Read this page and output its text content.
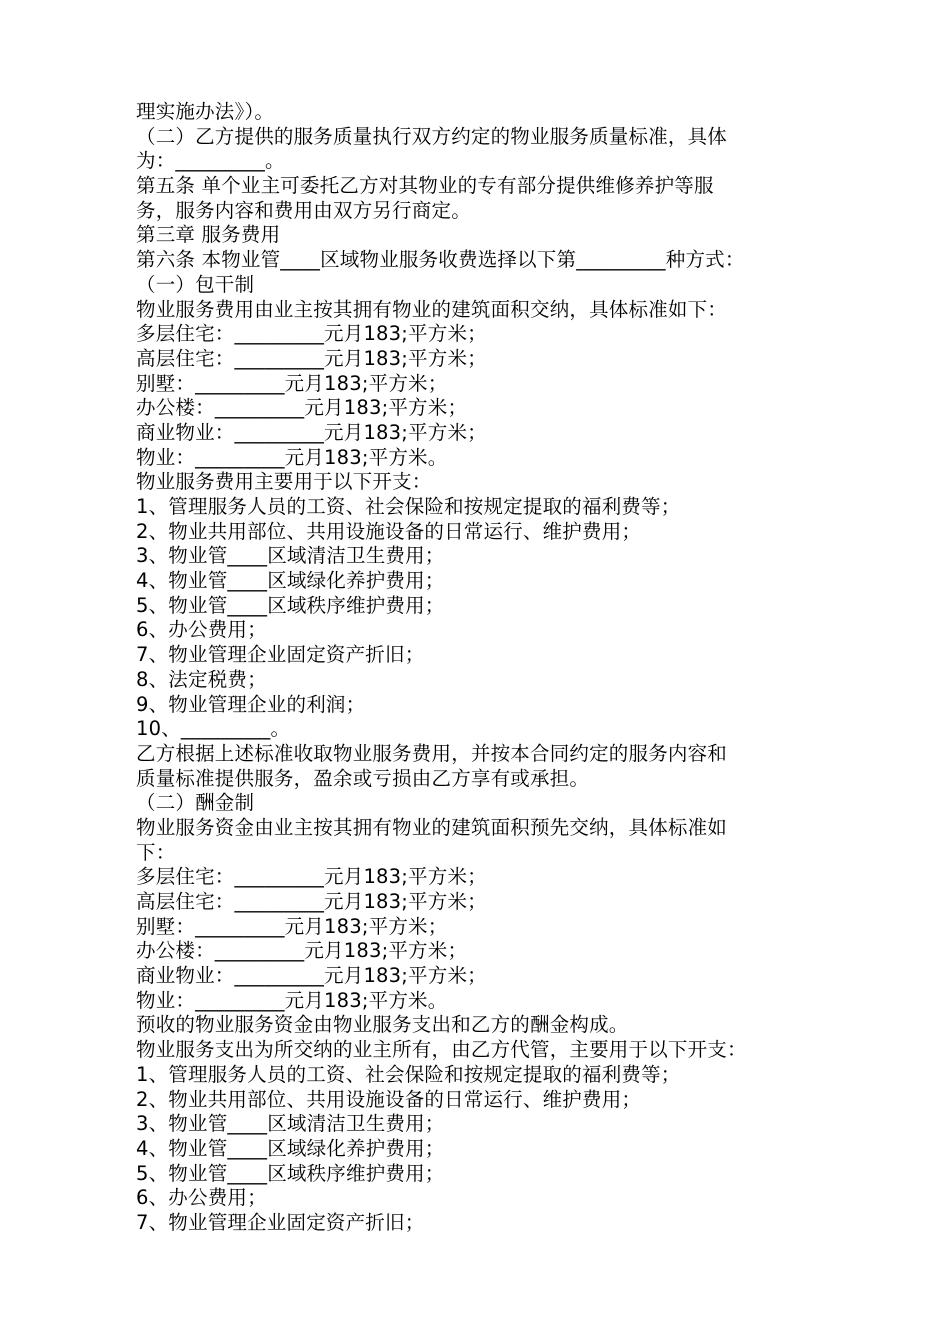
理实施办法》）。
（二）乙方提供的服务质量执行双方约定的物业服务质量标准，具体
为：_________。
第五条 单个业主可委托乙方对其物业的专有部分提供维修养护等服
务，服务内容和费用由双方另行商定。
第三章 服务费用
第六条 本物业管____区域物业服务收费选择以下第_________种方式：
（一）包干制
物业服务费用由业主按其拥有物业的建筑面积交纳，具体标准如下：
多层住宅：_________元月183;平方米；
高层住宅：_________元月183;平方米；
别墅：_________元月183;平方米；
办公楼：_________元月183;平方米；
商业物业：_________元月183;平方米；
物业：_________元月183;平方米。
物业服务费用主要用于以下开支：
1、管理服务人员的工资、社会保险和按规定提取的福利费等；
2、物业共用部位、共用设施设备的日常运行、维护费用；
3、物业管____区域清洁卫生费用；
4、物业管____区域绿化养护费用；
5、物业管____区域秩序维护费用；
6、办公费用；
7、物业管理企业固定资产折旧；
8、法定税费；
9、物业管理企业的利润；
10、_________。
乙方根据上述标准收取物业服务费用，并按本合同约定的服务内容和
质量标准提供服务，盈余或亏损由乙方享有或承担。
（二）酬金制
物业服务资金由业主按其拥有物业的建筑面积预先交纳，具体标准如
下：
多层住宅：_________元月183;平方米；
高层住宅：_________元月183;平方米；
别墅：_________元月183;平方米；
办公楼：_________元月183;平方米；
商业物业：_________元月183;平方米；
物业：_________元月183;平方米。
预收的物业服务资金由物业服务支出和乙方的酬金构成。
物业服务支出为所交纳的业主所有，由乙方代管，主要用于以下开支：
1、管理服务人员的工资、社会保险和按规定提取的福利费等；
2、物业共用部位、共用设施设备的日常运行、维护费用；
3、物业管____区域清洁卫生费用；
4、物业管____区域绿化养护费用；
5、物业管____区域秩序维护费用；
6、办公费用；
7、物业管理企业固定资产折旧；
